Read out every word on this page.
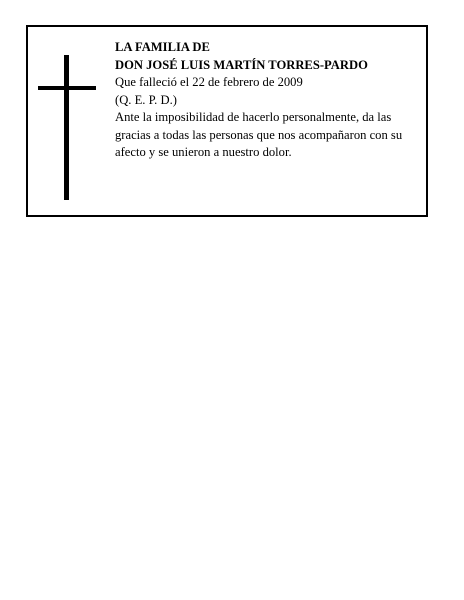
LA FAMILIA DE
DON JOSÉ LUIS MARTÍN TORRES-PARDO
Que falleció el 22 de febrero de 2009
(Q. E. P. D.)
Ante la imposibilidad de hacerlo personalmente, da las gracias a todas las personas que nos acompañaron con su afecto y se unieron a nuestro dolor.
